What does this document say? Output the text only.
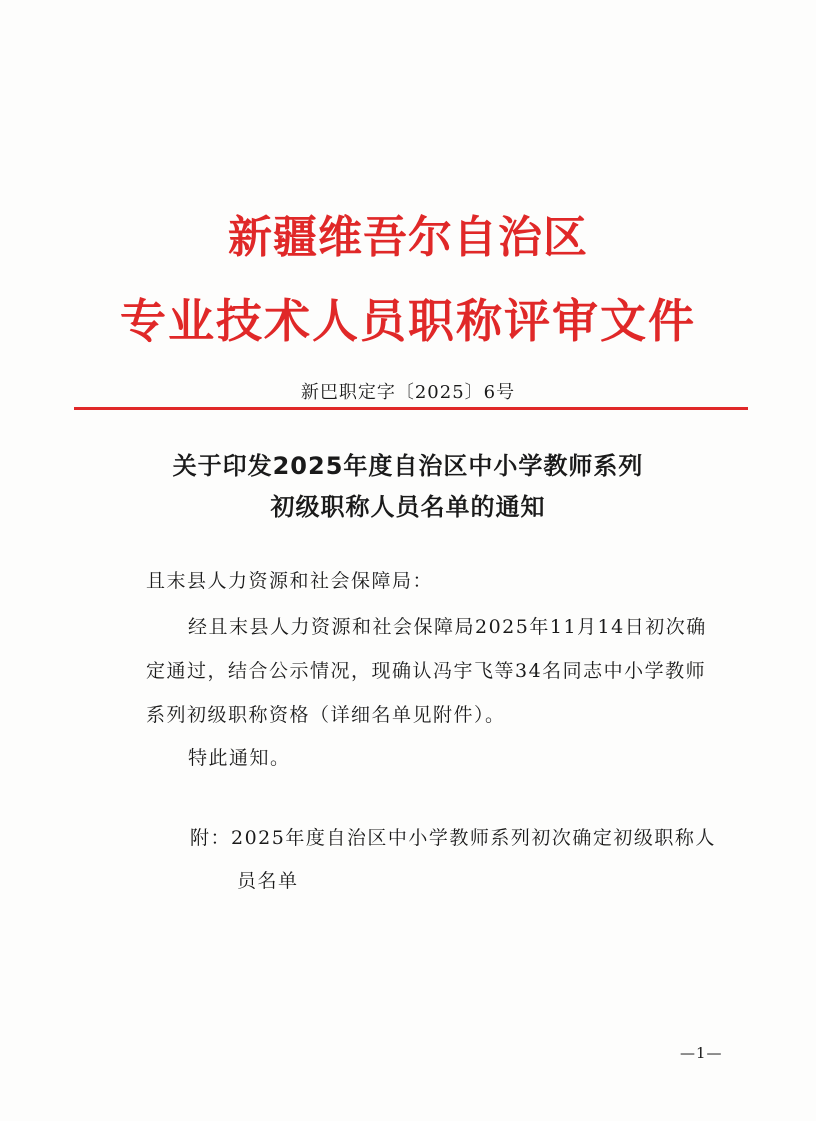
新疆维吾尔自治区
专业技术人员职称评审文件
新巴职定字〔2025〕6号
关于印发2025年度自治区中小学教师系列
初级职称人员名单的通知
且末县人力资源和社会保障局：
经且末县人力资源和社会保障局2025年11月14日初次确
定通过，结合公示情况，现确认冯宇飞等34名同志中小学教师
系列初级职称资格（详细名单见附件）。
特此通知。
附：2025年度自治区中小学教师系列初次确定初级职称人
员名单
—1—
